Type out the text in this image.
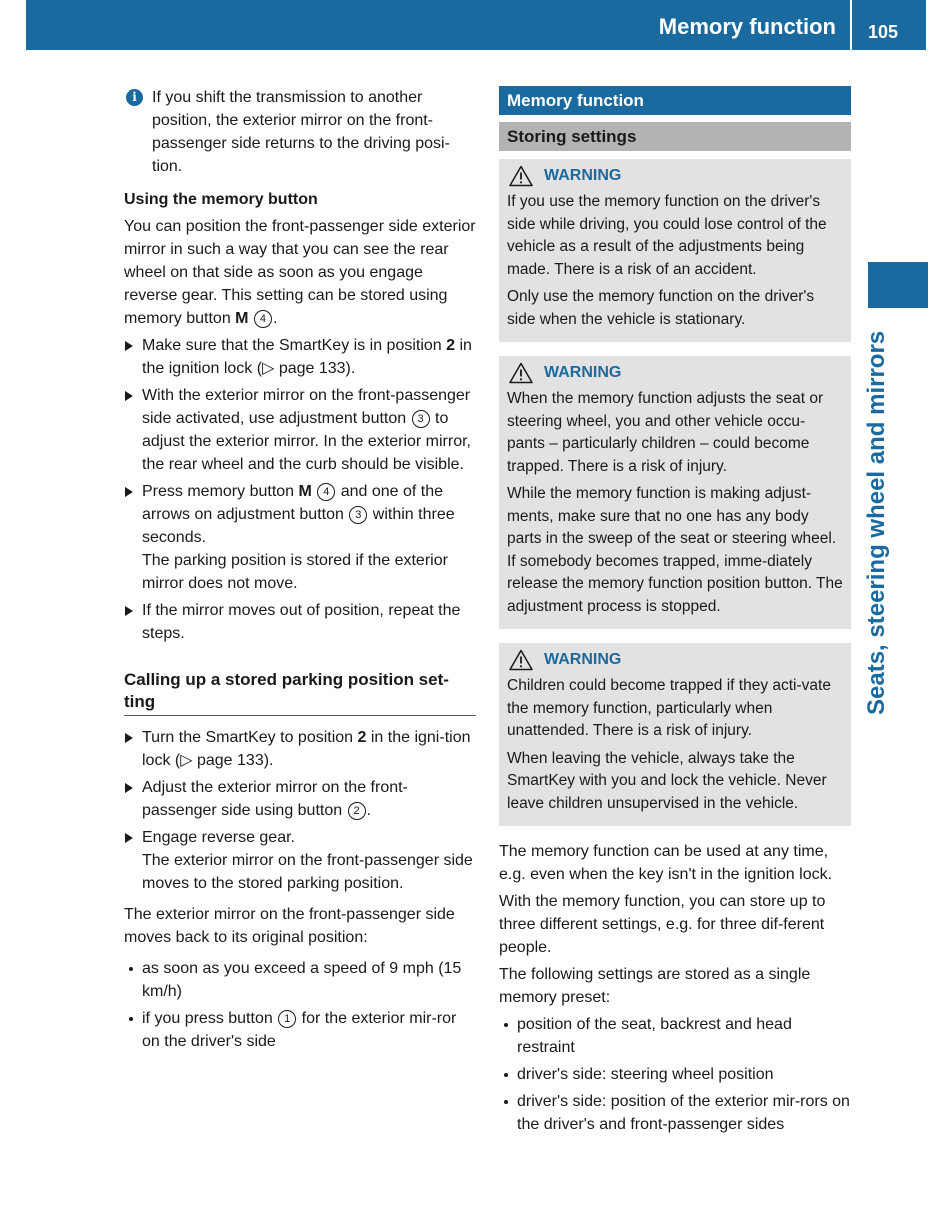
Memory function 105
Seats, steering wheel and mirrors
i If you shift the transmission to another position, the exterior mirror on the front-passenger side returns to the driving posi-tion.
Using the memory button

You can position the front-passenger side exterior mirror in such a way that you can see the rear wheel on that side as soon as you engage reverse gear. This setting can be stored using memory button M 4 .

Make sure that the SmartKey is in position 2 in the ignition lock (▷ page 133).
With the exterior mirror on the front-passenger side activated, use adjustment button 3 to adjust the exterior mirror. In the exterior mirror, the rear wheel and the curb should be visible.
Press memory button M 4 and one of the arrows on adjustment button 3 within three seconds.
The parking position is stored if the exterior mirror does not move.
If the mirror moves out of position, repeat the steps.
Calling up a stored parking position set-ting
Turn the SmartKey to position 2 in the igni-tion lock (▷ page 133).
Adjust the exterior mirror on the front-passenger side using button 2 .
Engage reverse gear.
The exterior mirror on the front-passenger side moves to the stored parking position.

The exterior mirror on the front-passenger side moves back to its original position:

as soon as you exceed a speed of 9 mph (15 km/h)
if you press button 1 for the exterior mir-ror on the driver's side
Memory function
Storing settings
WARNING

If you use the memory function on the driver's side while driving, you could lose control of the vehicle as a result of the adjustments being made. There is a risk of an accident.

Only use the memory function on the driver's side when the vehicle is stationary.

WARNING

When the memory function adjusts the seat or steering wheel, you and other vehicle occu-pants – particularly children – could become trapped. There is a risk of injury.

While the memory function is making adjust-ments, make sure that no one has any body parts in the sweep of the seat or steering wheel. If somebody becomes trapped, imme-diately release the memory function position button. The adjustment process is stopped.

WARNING

Children could become trapped if they acti-vate the memory function, particularly when unattended. There is a risk of injury.

When leaving the vehicle, always take the SmartKey with you and lock the vehicle. Never leave children unsupervised in the vehicle.

The memory function can be used at any time, e.g. even when the key isn't in the ignition lock.

With the memory function, you can store up to three different settings, e.g. for three dif-ferent people.

The following settings are stored as a single memory preset:

position of the seat, backrest and head restraint
driver's side: steering wheel position
driver's side: position of the exterior mir-rors on the driver's and front-passenger sides
